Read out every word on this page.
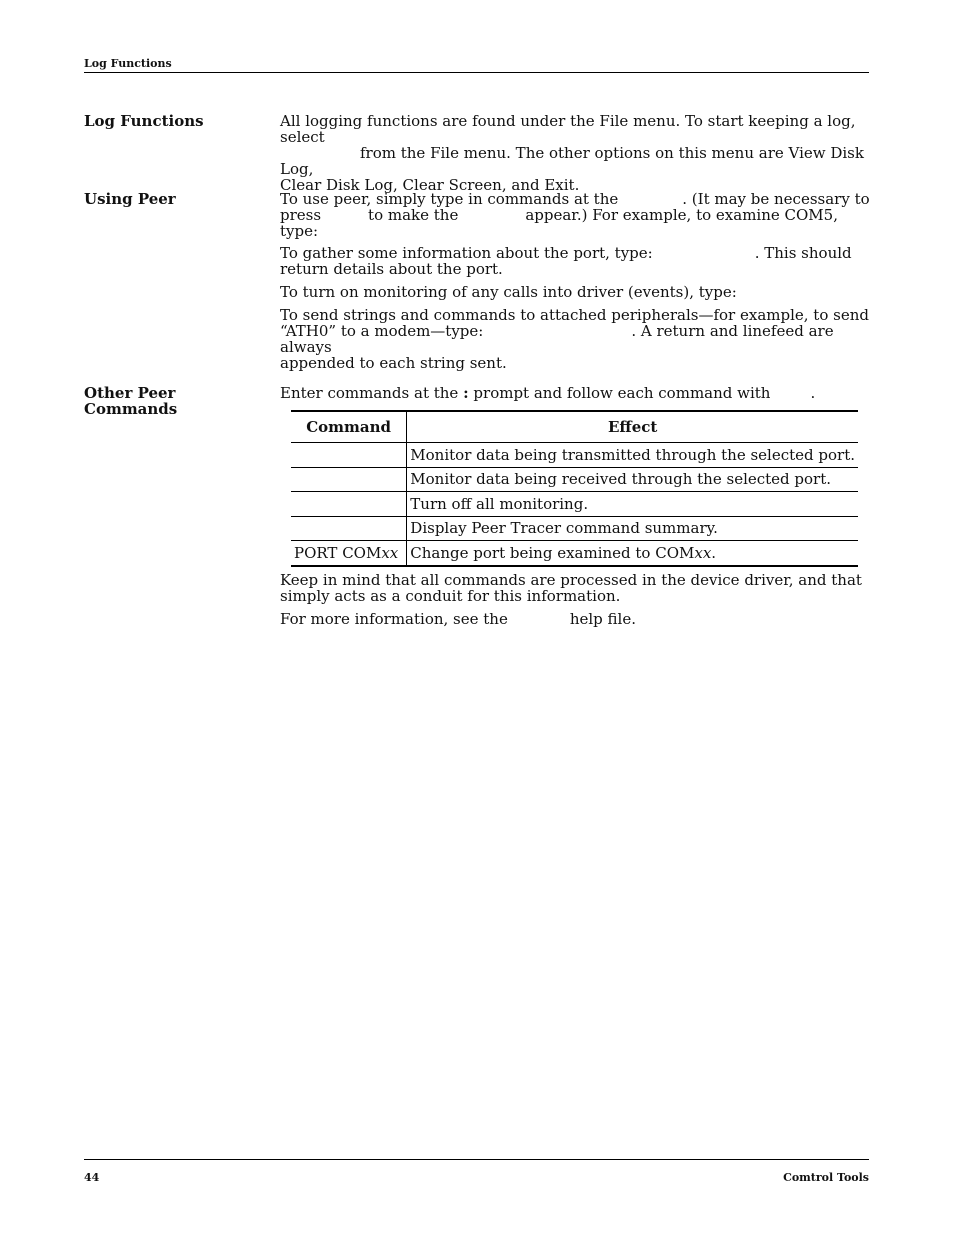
Log Functions
Log Functions	All logging functions are found under the File menu. To start keeping a log, select
from the File menu. The other options on this menu are View Disk Log,
Clear Disk Log, Clear Screen, and Exit.
Using Peer	To use peer, simply type in commands at the	. (It may be necessary to
press	to make the	appear.) For example, to examine COM5, type:
To gather some information about the port, type:	. This should
return details about the port.
To turn on monitoring of any calls into driver (events), type:
To send strings and commands to attached peripherals—for example, to send
“ATH0” to a modem—type:	. A return and linefeed are always
appended to each string sent.
Other Peer
Commands
Enter commands at the : prompt and follow each command with	.
Command	Effect
	Monitor data being transmitted through the selected port.
	Monitor data being received through the selected port.
	Turn off all monitoring.
	Display Peer Tracer command summary.
PORT COMxx	Change port being examined to COMxx.
Keep in mind that all commands are processed in the device driver, and that
simply acts as a conduit for this information.
For more information, see the	help file.
44	Comtrol Tools
